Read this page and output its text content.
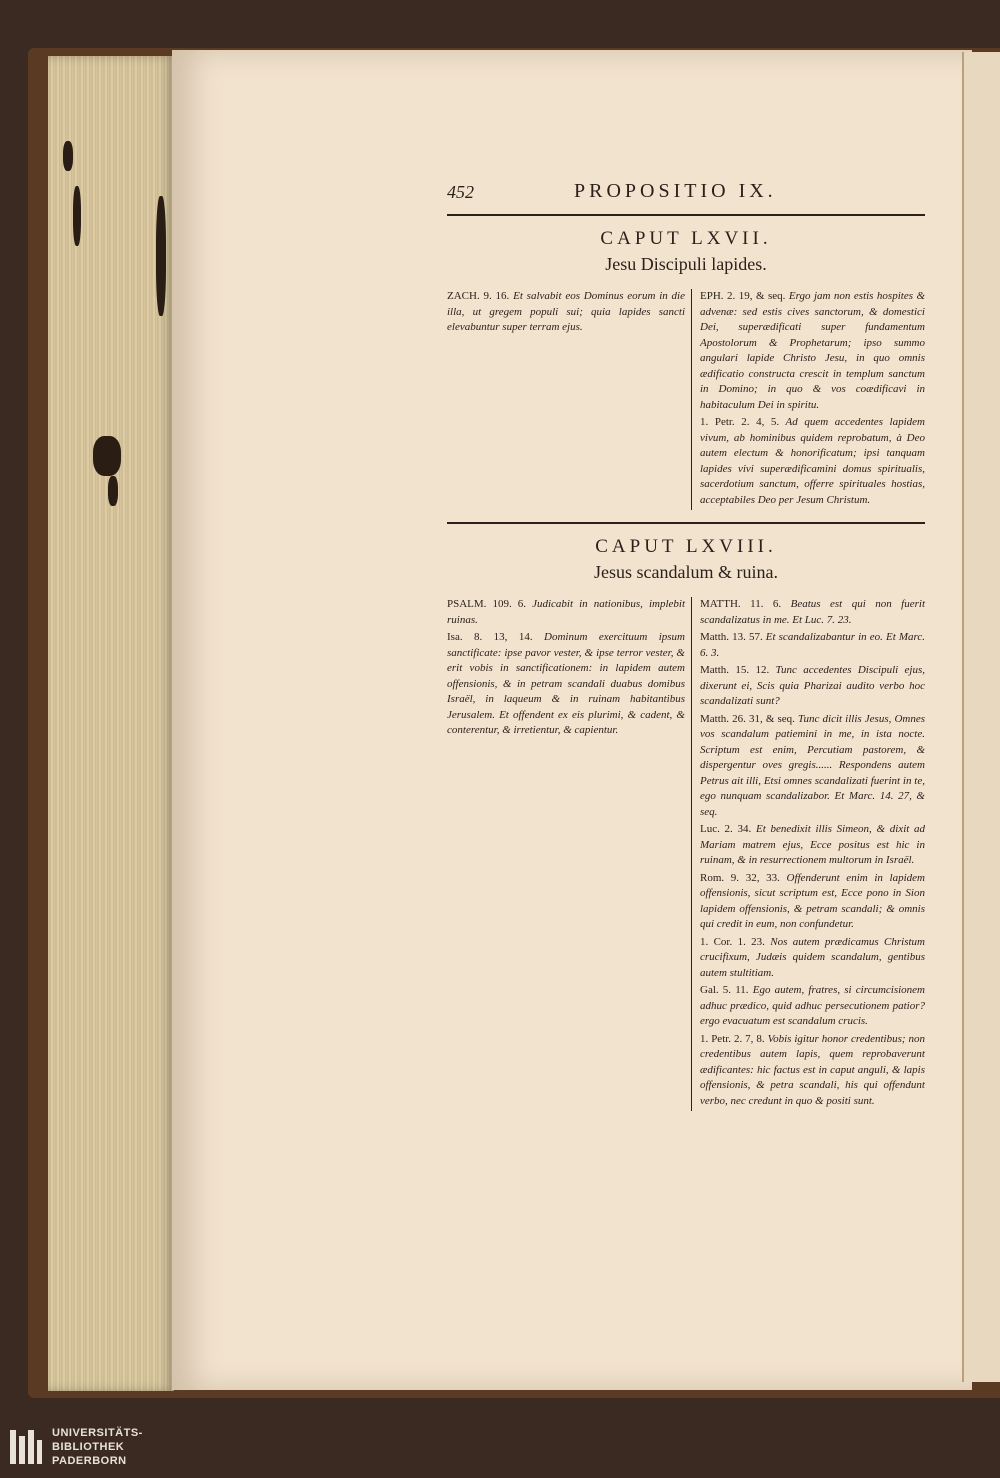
452	PROPOSITIO IX.
CAPUT LXVII.
Jesu Discipuli lapides.
ZACH. 9. 16. Et salvabit eos Dominus eorum in die illa, ut gregem populi sui; quia lapides sancti elevabuntur super terram ejus.
EPH. 2. 19, & seq. Ergo jam non estis hospites & advenæ: sed estis cives sanctorum, & domestici Dei, superædificati super fundamentum Apostolorum & Prophetarum; ipso summo angulari lapide Christo Jesu, in quo omnis ædificatio constructa crescit in templum sanctum in Domino; in quo & vos coædificavi in habitaculum Dei in spiritu.
1. Petr. 2. 4, 5. Ad quem accedentes lapidem vivum, ab hominibus quidem reprobatum, à Deo autem electum & honorificatum; ipsi tanquam lapides vivi superædificamini domus spiritualis, sacerdotium sanctum, offerre spirituales hostias, acceptabiles Deo per Jesum Christum.
CAPUT LXVIII.
Jesus scandalum & ruina.
PSALM. 109. 6. Judicabit in nationibus, implebit ruinas.
Isa. 8. 13, 14. Dominum exercituum ipsum sanctificate: ipse pavor vester, & ipse terror vester, & erit vobis in sanctificationem: in lapidem autem offensionis, & in petram scandali duabus domibus Israël, in laqueum & in ruinam habitantibus Jerusalem. Et offendent ex eis plurimi, & cadent, & conterentur, & irretientur, & capientur.
MATTH. 11. 6. Beatus est qui non fuerit scandalizatus in me. Et Luc. 7. 23.
Matth. 13. 57. Et scandalizabantur in eo. Et Marc. 6. 3.
Matth. 15. 12. Tunc accedentes Discipuli ejus, dixerunt ei, Scis quia Pharizai audito verbo hoc scandalizati sunt?
Matth. 26. 31, & seq. Tunc dicit illis Jesus, Omnes vos scandalum patiemini in me, in ista nocte. Scriptum est enim, Percutiam pastorem, & dispergentur oves gregis...... Respondens autem Petrus ait illi, Etsi omnes scandalizati fuerint in te, ego nunquam scandalizabor. Et Marc. 14. 27, & seq.
Luc. 2. 34. Et benedixit illis Simeon, & dixit ad Mariam matrem ejus, Ecce positus est hic in ruinam, & in resurrectionem multorum in Israël.
Rom. 9. 32, 33. Offenderunt enim in lapidem offensionis, sicut scriptum est, Ecce pono in Sion lapidem offensionis, & petram scandali; & omnis qui credit in eum, non confundetur.
1. Cor. 1. 23. Nos autem prædicamus Christum crucifixum, Judæis quidem scandalum, gentibus autem stultitiam.
Gal. 5. 11. Ego autem, fratres, si circumcisionem adhuc prædico, quid adhuc persecutionem patior? ergo evacuatum est scandalum crucis.
1. Petr. 2. 7, 8. Vobis igitur honor credentibus; non credentibus autem lapis, quem reprobaverunt ædificantes: hic factus est in caput anguli, & lapis offensionis, & petra scandali, his qui offendunt verbo, nec credunt in quo & positi sunt.
UNIVERSITÄTS-
BIBLIOTHEK
PADERBORN
